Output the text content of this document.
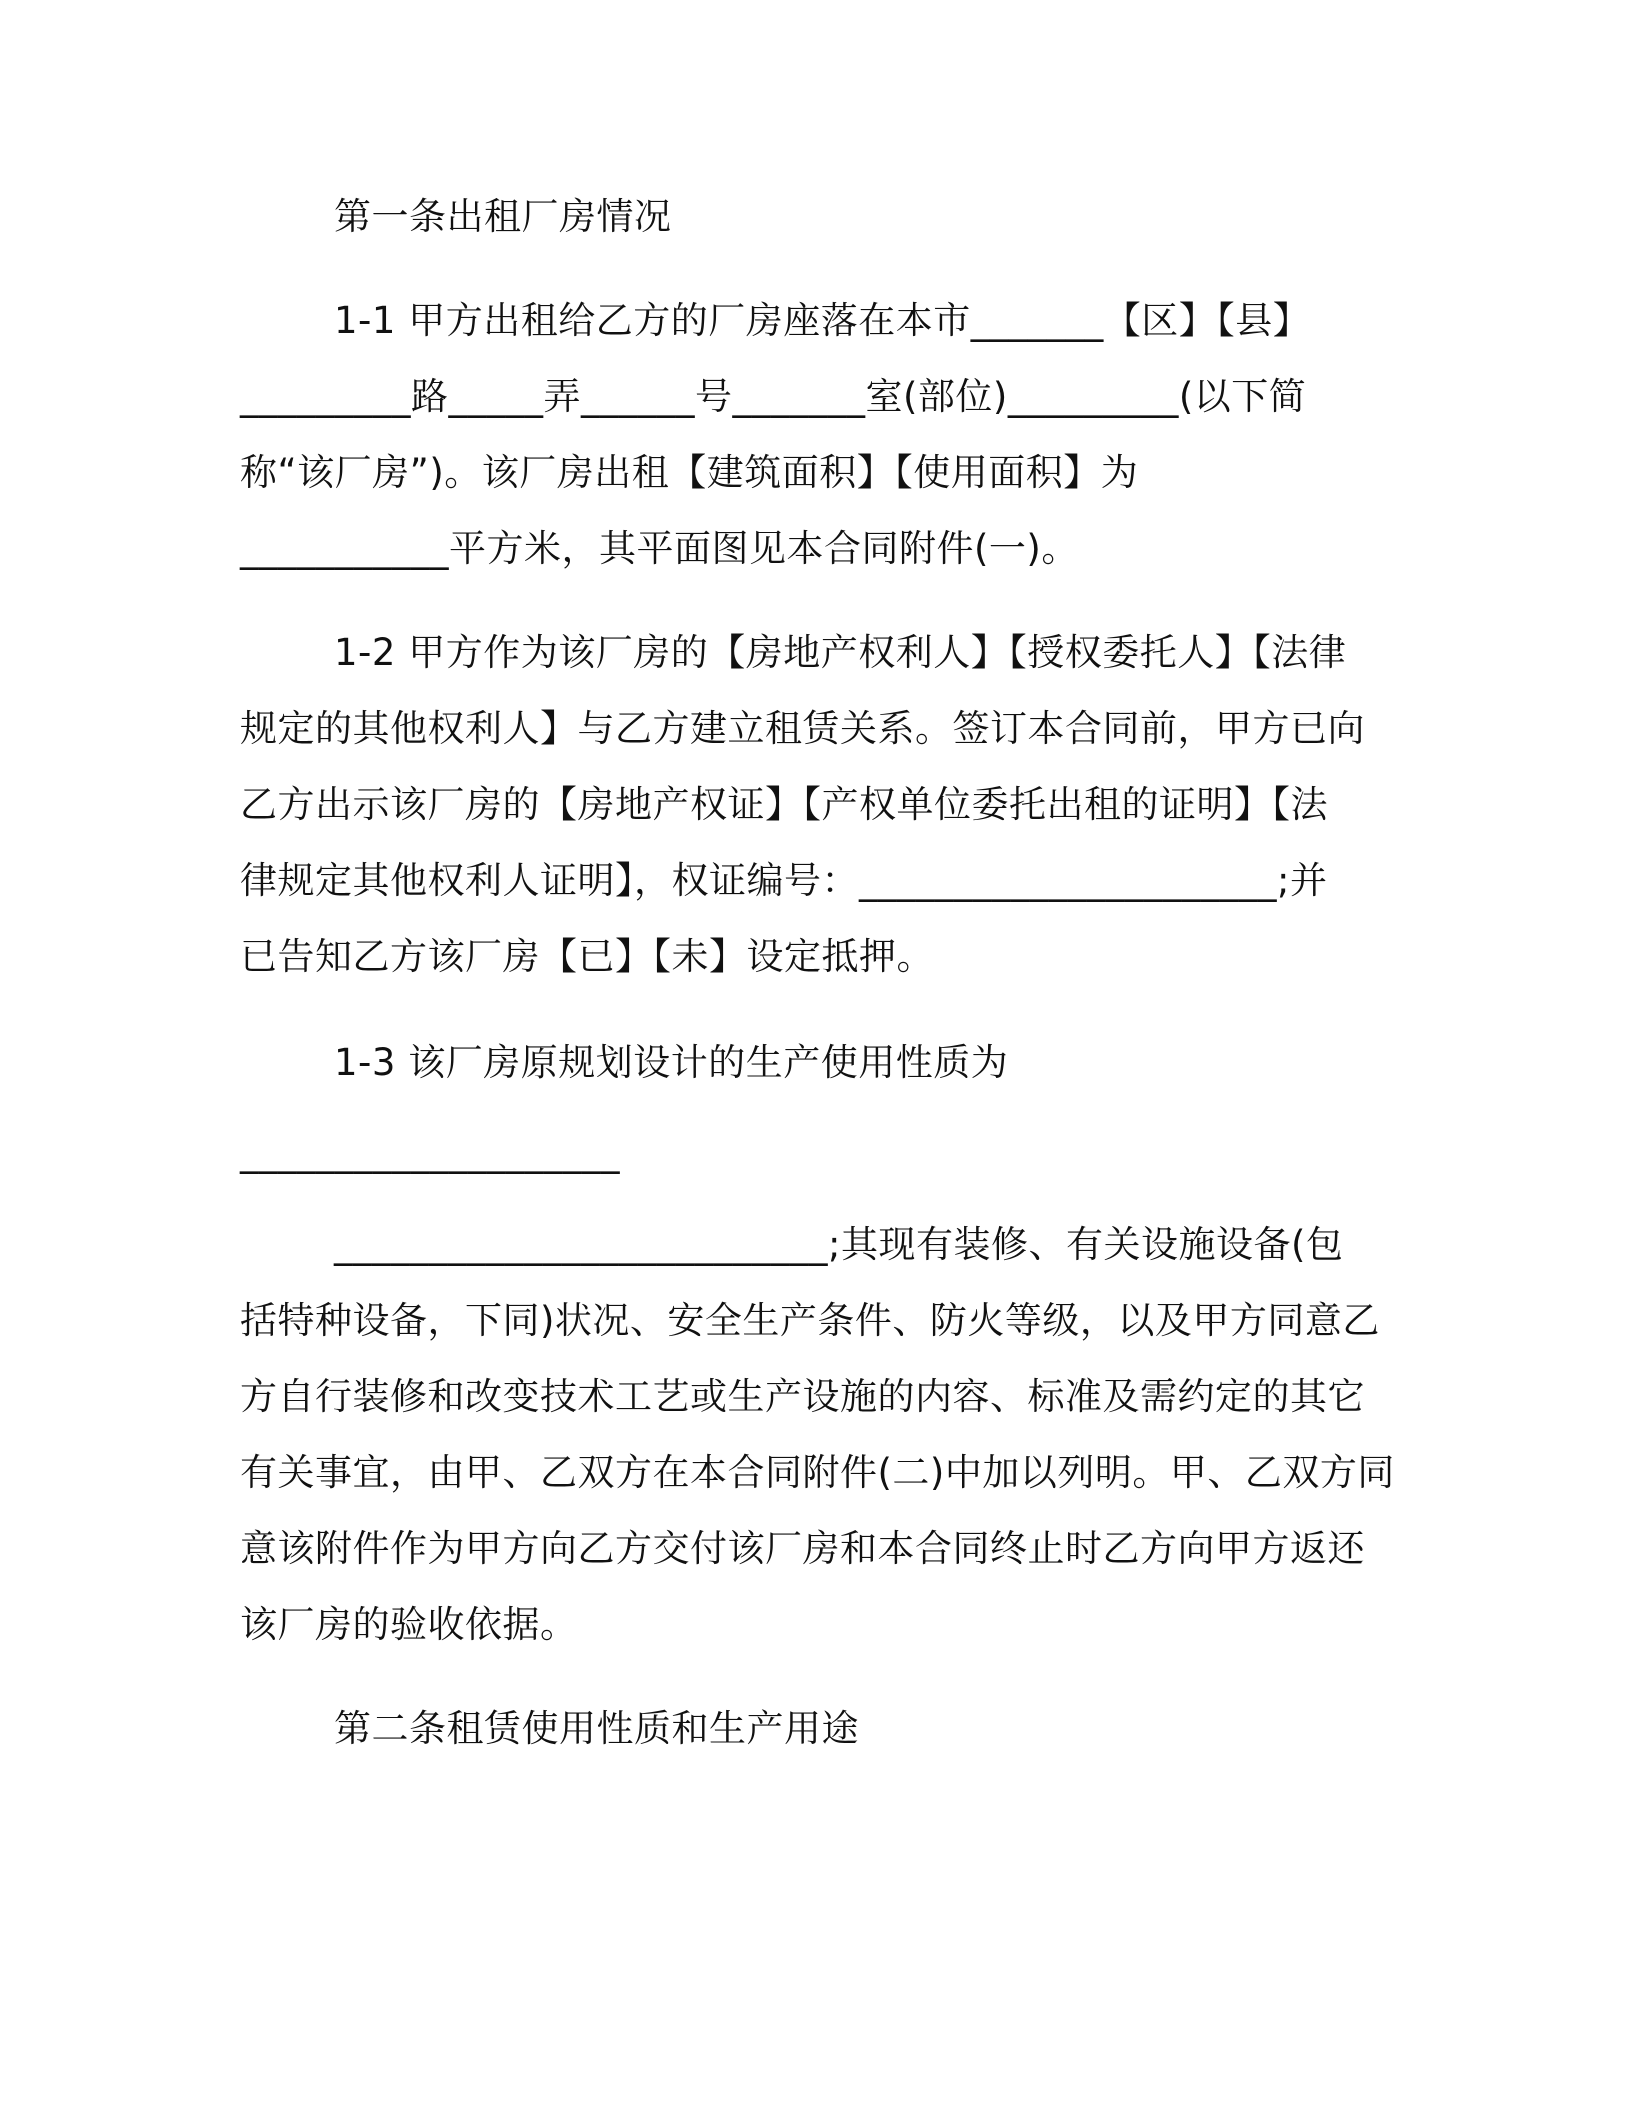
第一条出租厂房情况
1-1 甲方出租给乙方的厂房座落在本市_______【区】【县】
_________路_____弄______号_______室(部位)_________(以下简
称“该厂房”)。该厂房出租【建筑面积】【使用面积】为
___________平方米，其平面图见本合同附件(一)。
1-2 甲方作为该厂房的【房地产权利人】【授权委托人】【法律
规定的其他权利人】与乙方建立租赁关系。签订本合同前，甲方已向
乙方出示该厂房的【房地产权证】【产权单位委托出租的证明】【法
律规定其他权利人证明】，权证编号：______________________;并
已告知乙方该厂房【已】【未】设定抵押。
1-3 该厂房原规划设计的生产使用性质为
____________________
__________________________;其现有装修、有关设施设备(包
括特种设备，下同)状况、安全生产条件、防火等级，以及甲方同意乙
方自行装修和改变技术工艺或生产设施的内容、标准及需约定的其它
有关事宜，由甲、乙双方在本合同附件(二)中加以列明。甲、乙双方同
意该附件作为甲方向乙方交付该厂房和本合同终止时乙方向甲方返还
该厂房的验收依据。
第二条租赁使用性质和生产用途
